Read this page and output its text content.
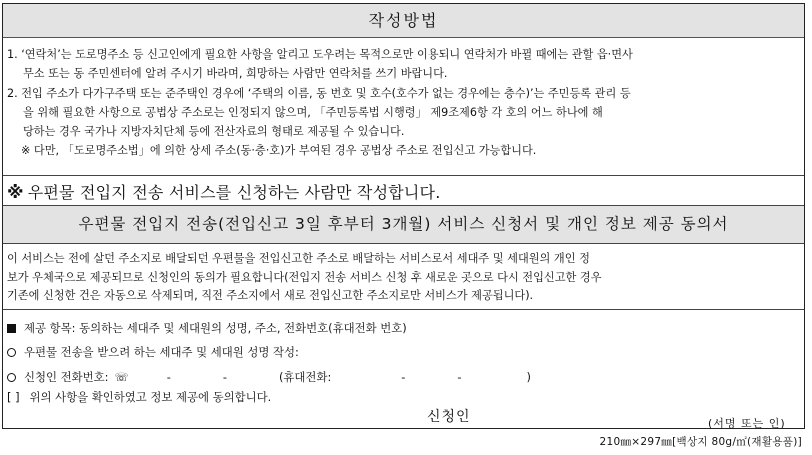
작성방법

1. ‘연락처’는 도로명주소 등 신고인에게 필요한 사항을 알리고 도우려는 목적으로만 이용되니 연락처가 바뀔 때에는 관할 읍·면사

무소 또는 동 주민센터에 알려 주시기 바라며, 희망하는 사람만 연락처를 쓰기 바랍니다.

2. 전입 주소가 다가구주택 또는 준주택인 경우에 ‘주택의 이름, 동 번호 및 호수(호수가 없는 경우에는 층수)’는 주민등록 관리 등

을 위해 필요한 사항으로 공법상 주소로는 인정되지 않으며, 「주민등록법 시행령」 제9조제6항 각 호의 어느 하나에 해

당하는 경우 국가나 지방자치단체 등에 전산자료의 형태로 제공될 수 있습니다.

※ 다만, 「도로명주소법」에 의한 상세 주소(동·층·호)가 부여된 경우 공법상 주소로 전입신고 가능합니다.

※ 우편물 전입지 전송 서비스를 신청하는 사람만 작성합니다.
우편물 전입지 전송(전입신고 3일 후부터 3개월) 서비스 신청서 및 개인 정보 제공 동의서
이 서비스는 전에 살던 주소지로 배달되던 우편물을 전입신고한 주소로 배달하는 서비스로서 세대주 및 세대원의 개인 정
보가 우체국으로 제공되므로 신청인의 동의가 필요합니다(전입지 전송 서비스 신청 후 새로운 곳으로 다시 전입신고한 경우
기존에 신청한 건은 자동으로 삭제되며, 직전 주소지에서 새로 전입신고한 주소지로만 서비스가 제공됩니다).
제공 항목: 동의하는 세대주 및 세대원의 성명, 주소, 전화번호(휴대전화 번호)
우편물 전송을 받으려 하는 세대주 및 세대원 성명 작성:
신청인 전화번호: ☏	-	-	(휴대전화:	-	-	)
[ ] 위의 사항을 확인하였고 정보 제공에 동의합니다.
신청인	(서명 또는 인)
210㎜×297㎜[백상지 80g/㎡(재활용품)]
